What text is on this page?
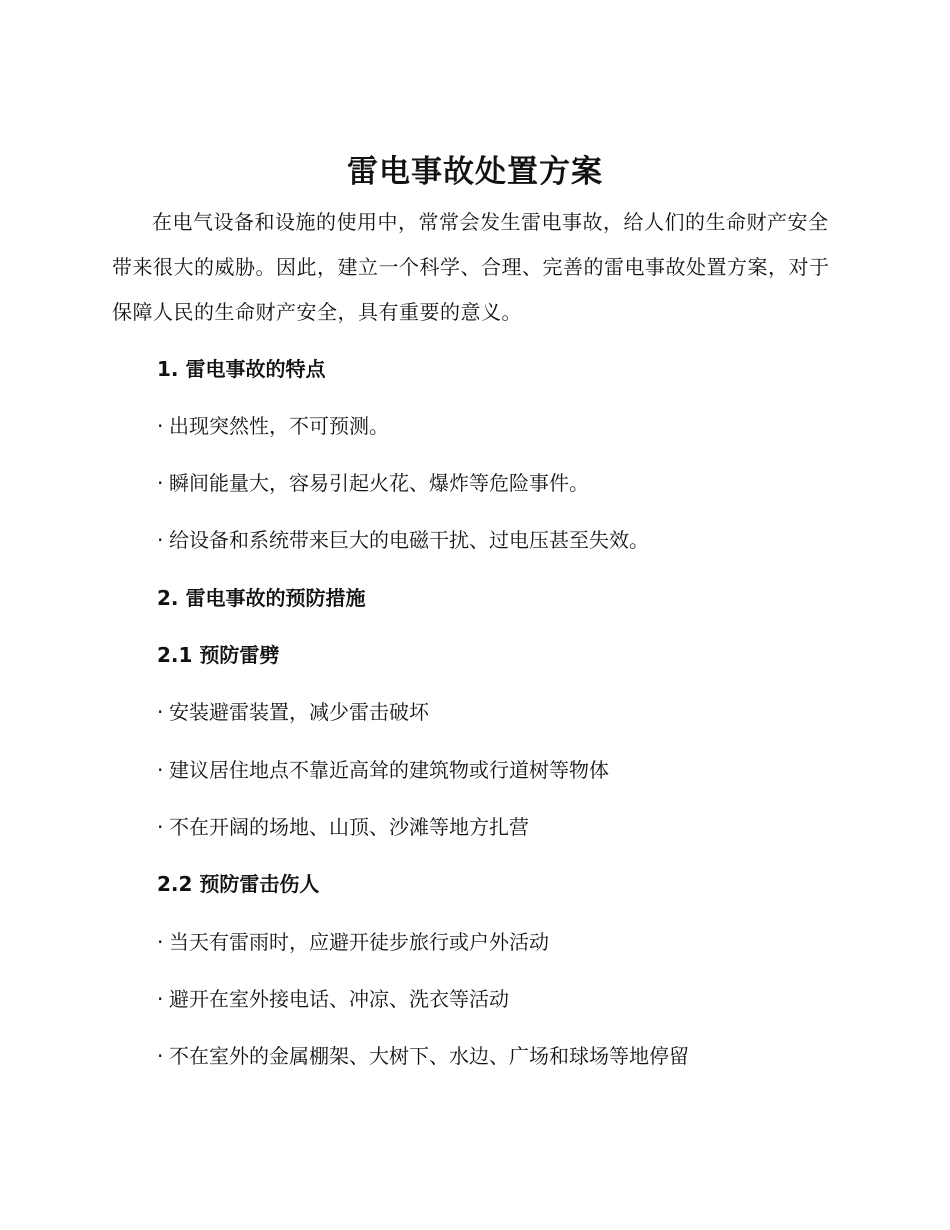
雷电事故处置方案

在电气设备和设施的使用中，常常会发生雷电事故，给人们的生命财产安全带来很大的威胁。因此，建立一个科学、合理、完善的雷电事故处置方案，对于保障人民的生命财产安全，具有重要的意义。

1. 雷电事故的特点

· 出现突然性，不可预测。

· 瞬间能量大，容易引起火花、爆炸等危险事件。

· 给设备和系统带来巨大的电磁干扰、过电压甚至失效。

2. 雷电事故的预防措施

2.1 预防雷劈

· 安装避雷装置，减少雷击破坏

· 建议居住地点不靠近高耸的建筑物或行道树等物体

· 不在开阔的场地、山顶、沙滩等地方扎营

2.2 预防雷击伤人

· 当天有雷雨时，应避开徒步旅行或户外活动

· 避开在室外接电话、冲凉、洗衣等活动

· 不在室外的金属棚架、大树下、水边、广场和球场等地停留
